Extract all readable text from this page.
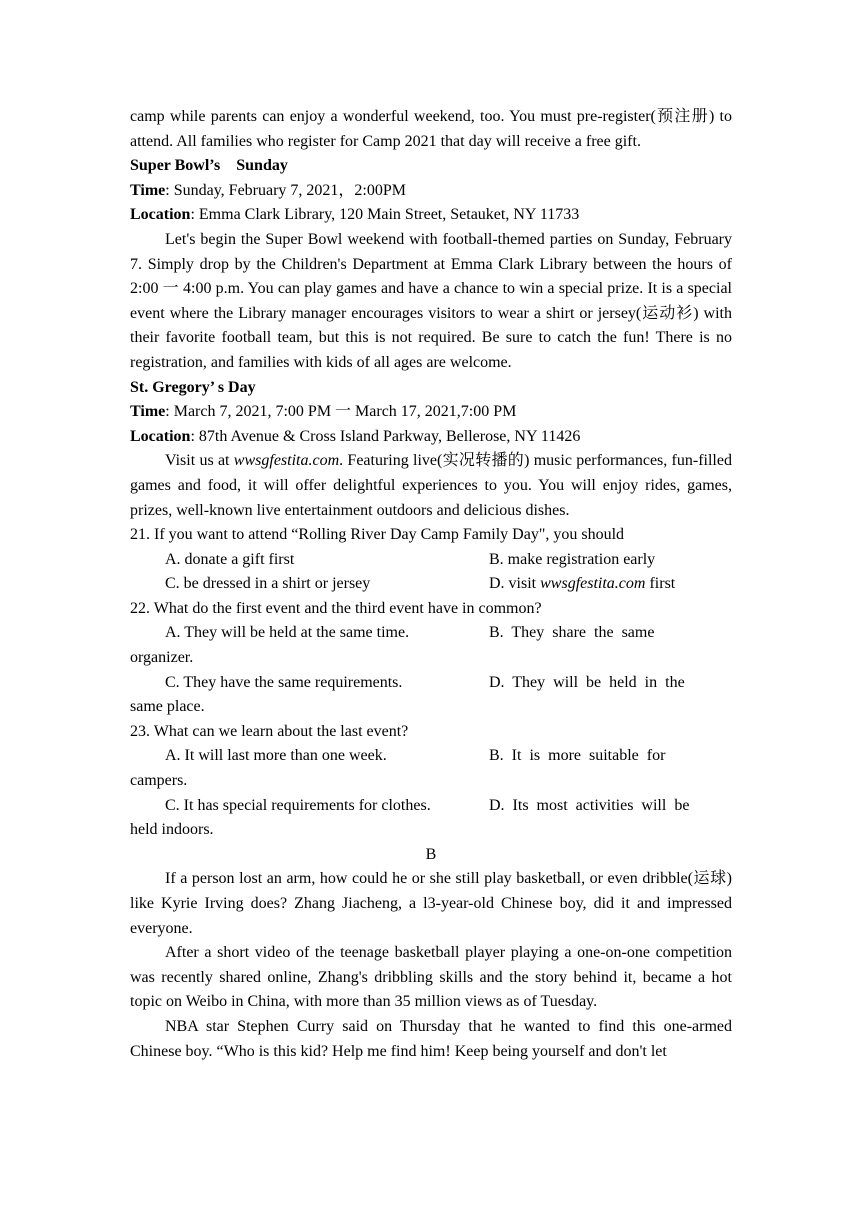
camp while parents can enjoy a wonderful weekend, too. You must pre-register(预注册) to attend. All families who register for Camp 2021 that day will receive a free gift.
Super Bowl’s    Sunday
Time: Sunday, February 7, 2021，2:00PM
Location: Emma Clark Library, 120 Main Street, Setauket, NY 11733
Let's begin the Super Bowl weekend with football-themed parties on Sunday, February 7. Simply drop by the Children's Department at Emma Clark Library between the hours of 2:00 一 4:00 p.m. You can play games and have a chance to win a special prize. It is a special event where the Library manager encourages visitors to wear a shirt or jersey(运动衫) with their favorite football team, but this is not required. Be sure to catch the fun! There is no registration, and families with kids of all ages are welcome.
St. Gregory’ s Day
Time: March 7, 2021, 7:00 PM 一 March 17, 2021,7:00 PM
Location: 87th Avenue & Cross Island Parkway, Bellerose, NY 11426
Visit us at wwsgfestita.com. Featuring live(实况转播的) music performances, fun-filled games and food, it will offer delightful experiences to you. You will enjoy rides, games, prizes, well-known live entertainment outdoors and delicious dishes.
21. If you want to attend “Rolling River Day Camp Family Day", you should
A. donate a gift first	B. make registration early
C. be dressed in a shirt or jersey	D. visit wwsgfestita.com first
22. What do the first event and the third event have in common?
A. They will be held at the same time.	B.  They  share  the  same
organizer.
C. They have the same requirements.	D.  They  will  be  held  in  the
same place.
23. What can we learn about the last event?
A. It will last more than one week.	B.  It  is  more  suitable  for
campers.
C. It has special requirements for clothes.	D.  Its  most  activities  will  be
held indoors.
B
If a person lost an arm, how could he or she still play basketball, or even dribble(运球) like Kyrie Irving does? Zhang Jiacheng, a l3-year-old Chinese boy, did it and impressed everyone.
After a short video of the teenage basketball player playing a one-on-one competition was recently shared online, Zhang's dribbling skills and the story behind it, became a hot topic on Weibo in China, with more than 35 million views as of Tuesday.
NBA star Stephen Curry said on Thursday that he wanted to find this one-armed Chinese boy. “Who is this kid? Help me find him! Keep being yourself and don't let
